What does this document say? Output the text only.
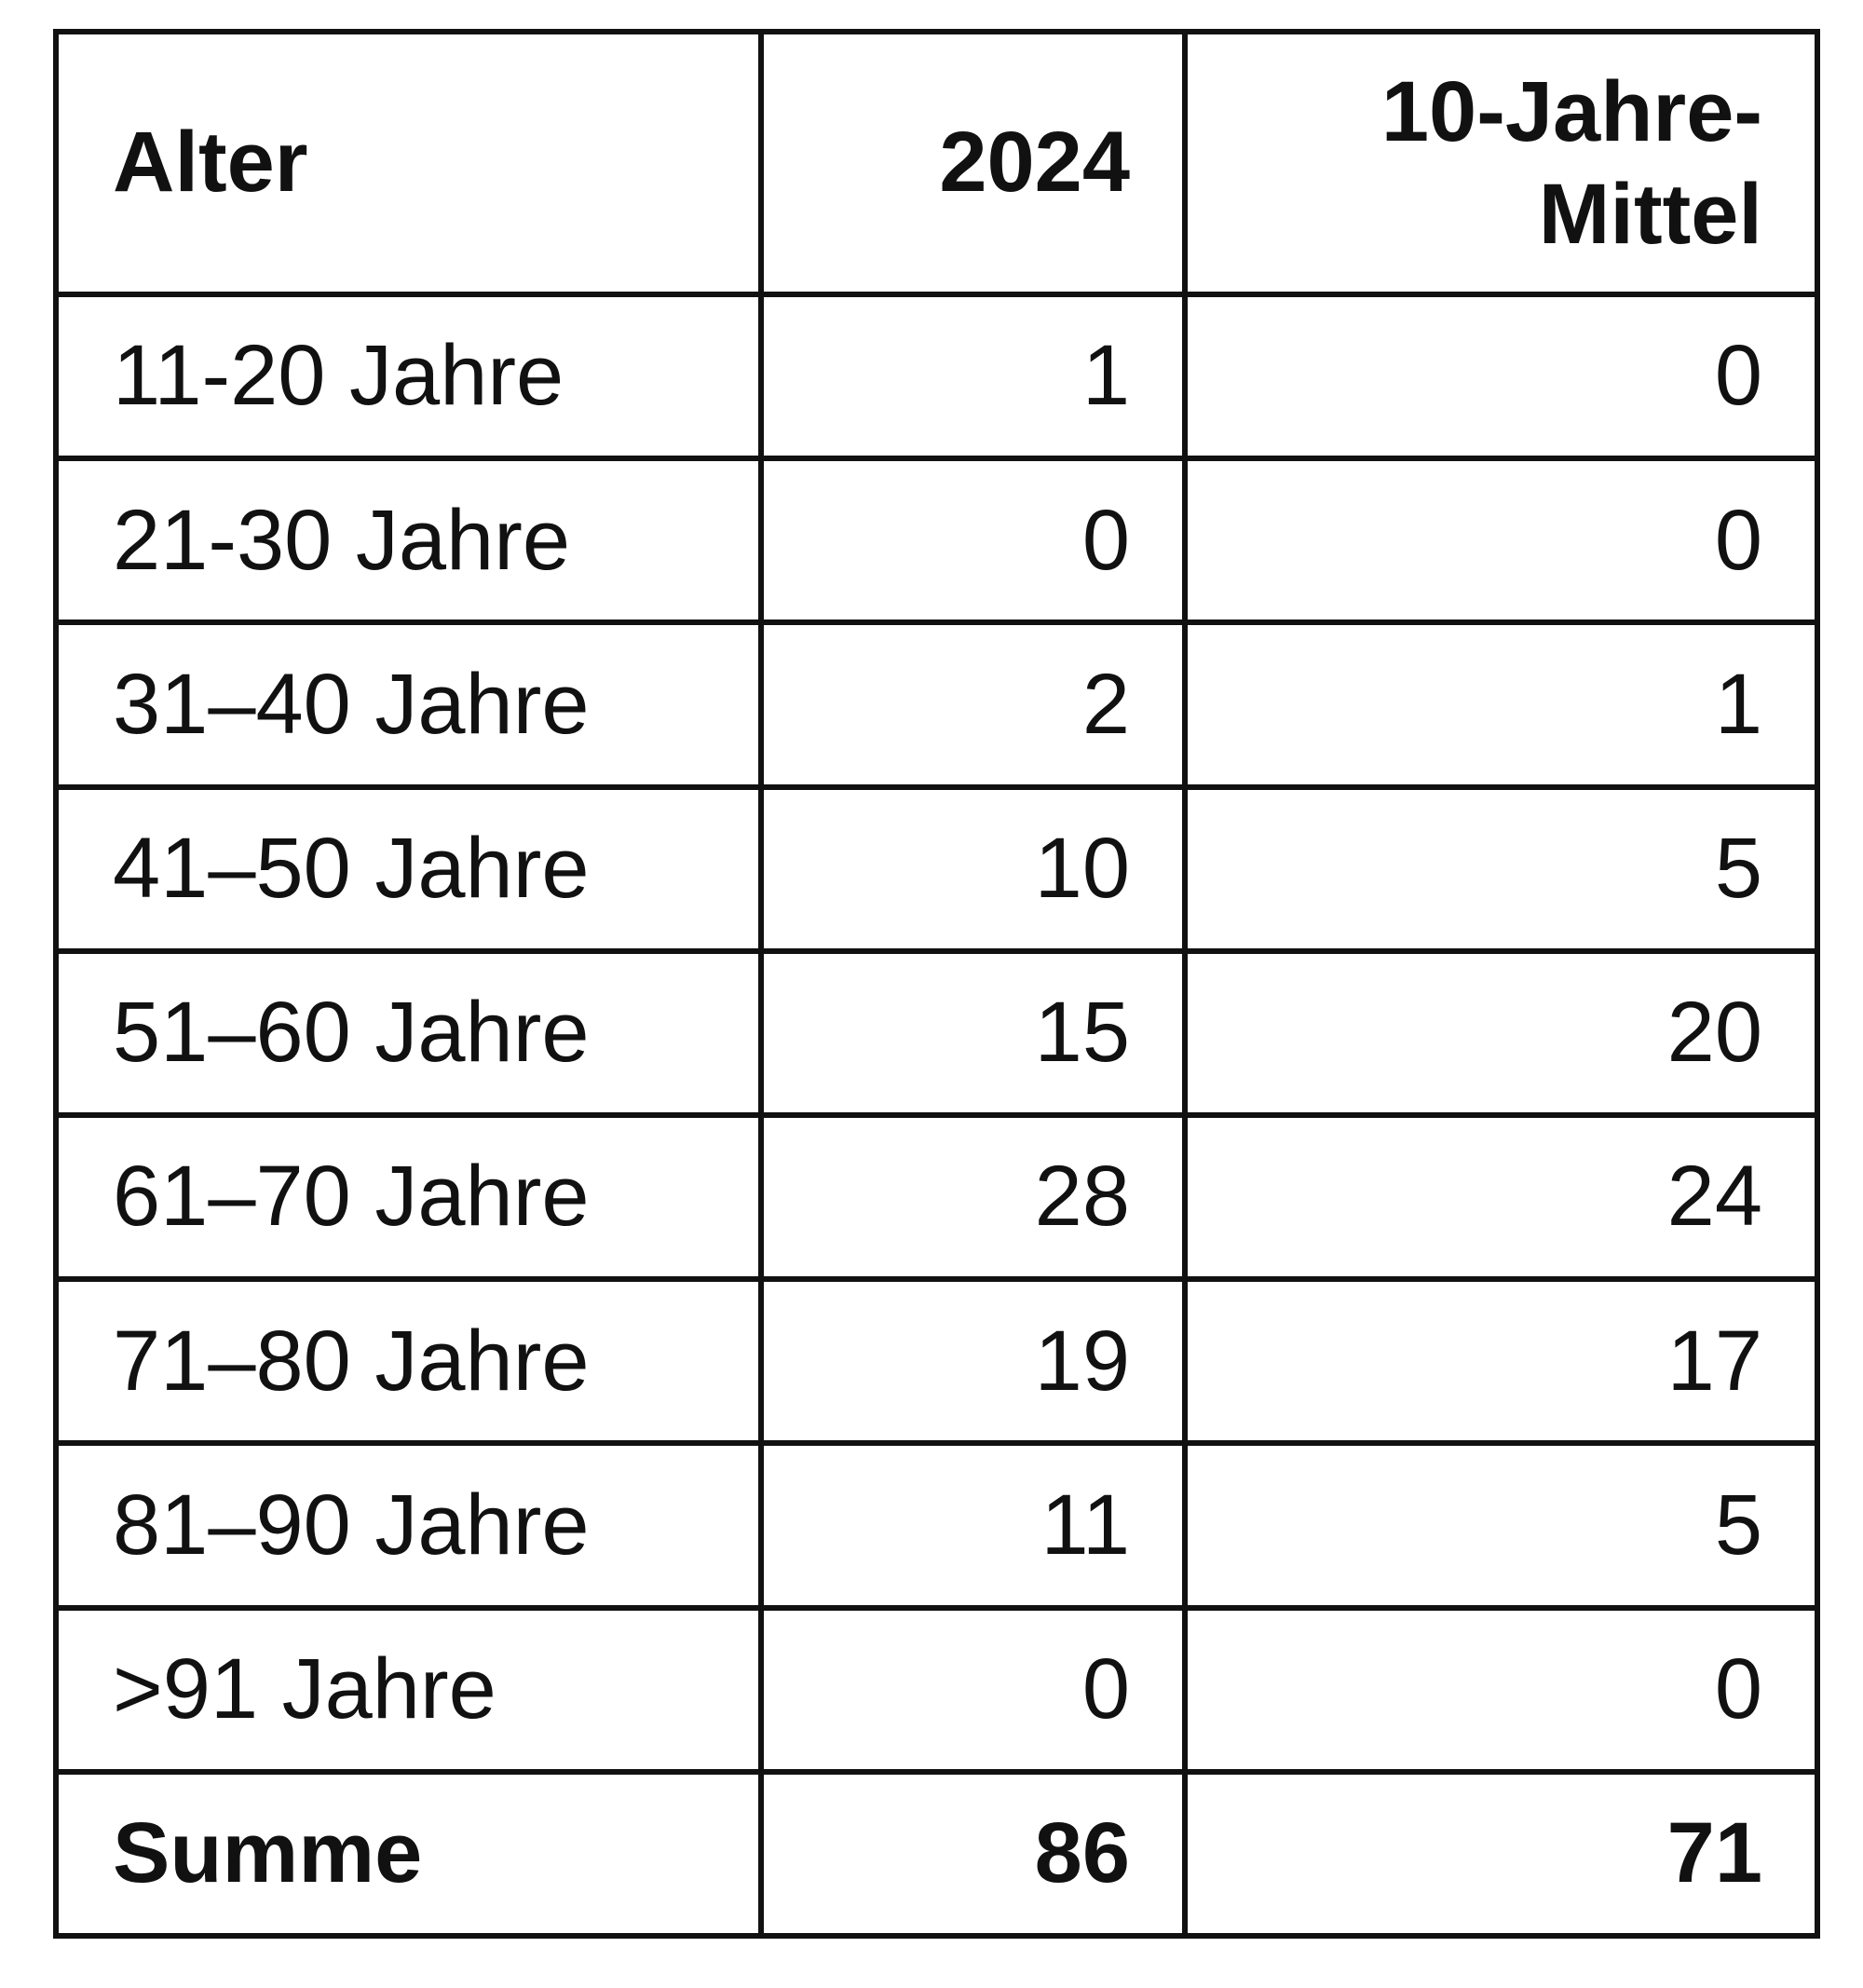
Alter	2024	10-Jahre-Mittel
11-20 Jahre	1	0
21-30 Jahre	0	0
31–40 Jahre	2	1
41–50 Jahre	10	5
51–60 Jahre	15	20
61–70 Jahre	28	24
71–80 Jahre	19	17
81–90 Jahre	11	5
>91 Jahre	0	0
Summe	86	71
